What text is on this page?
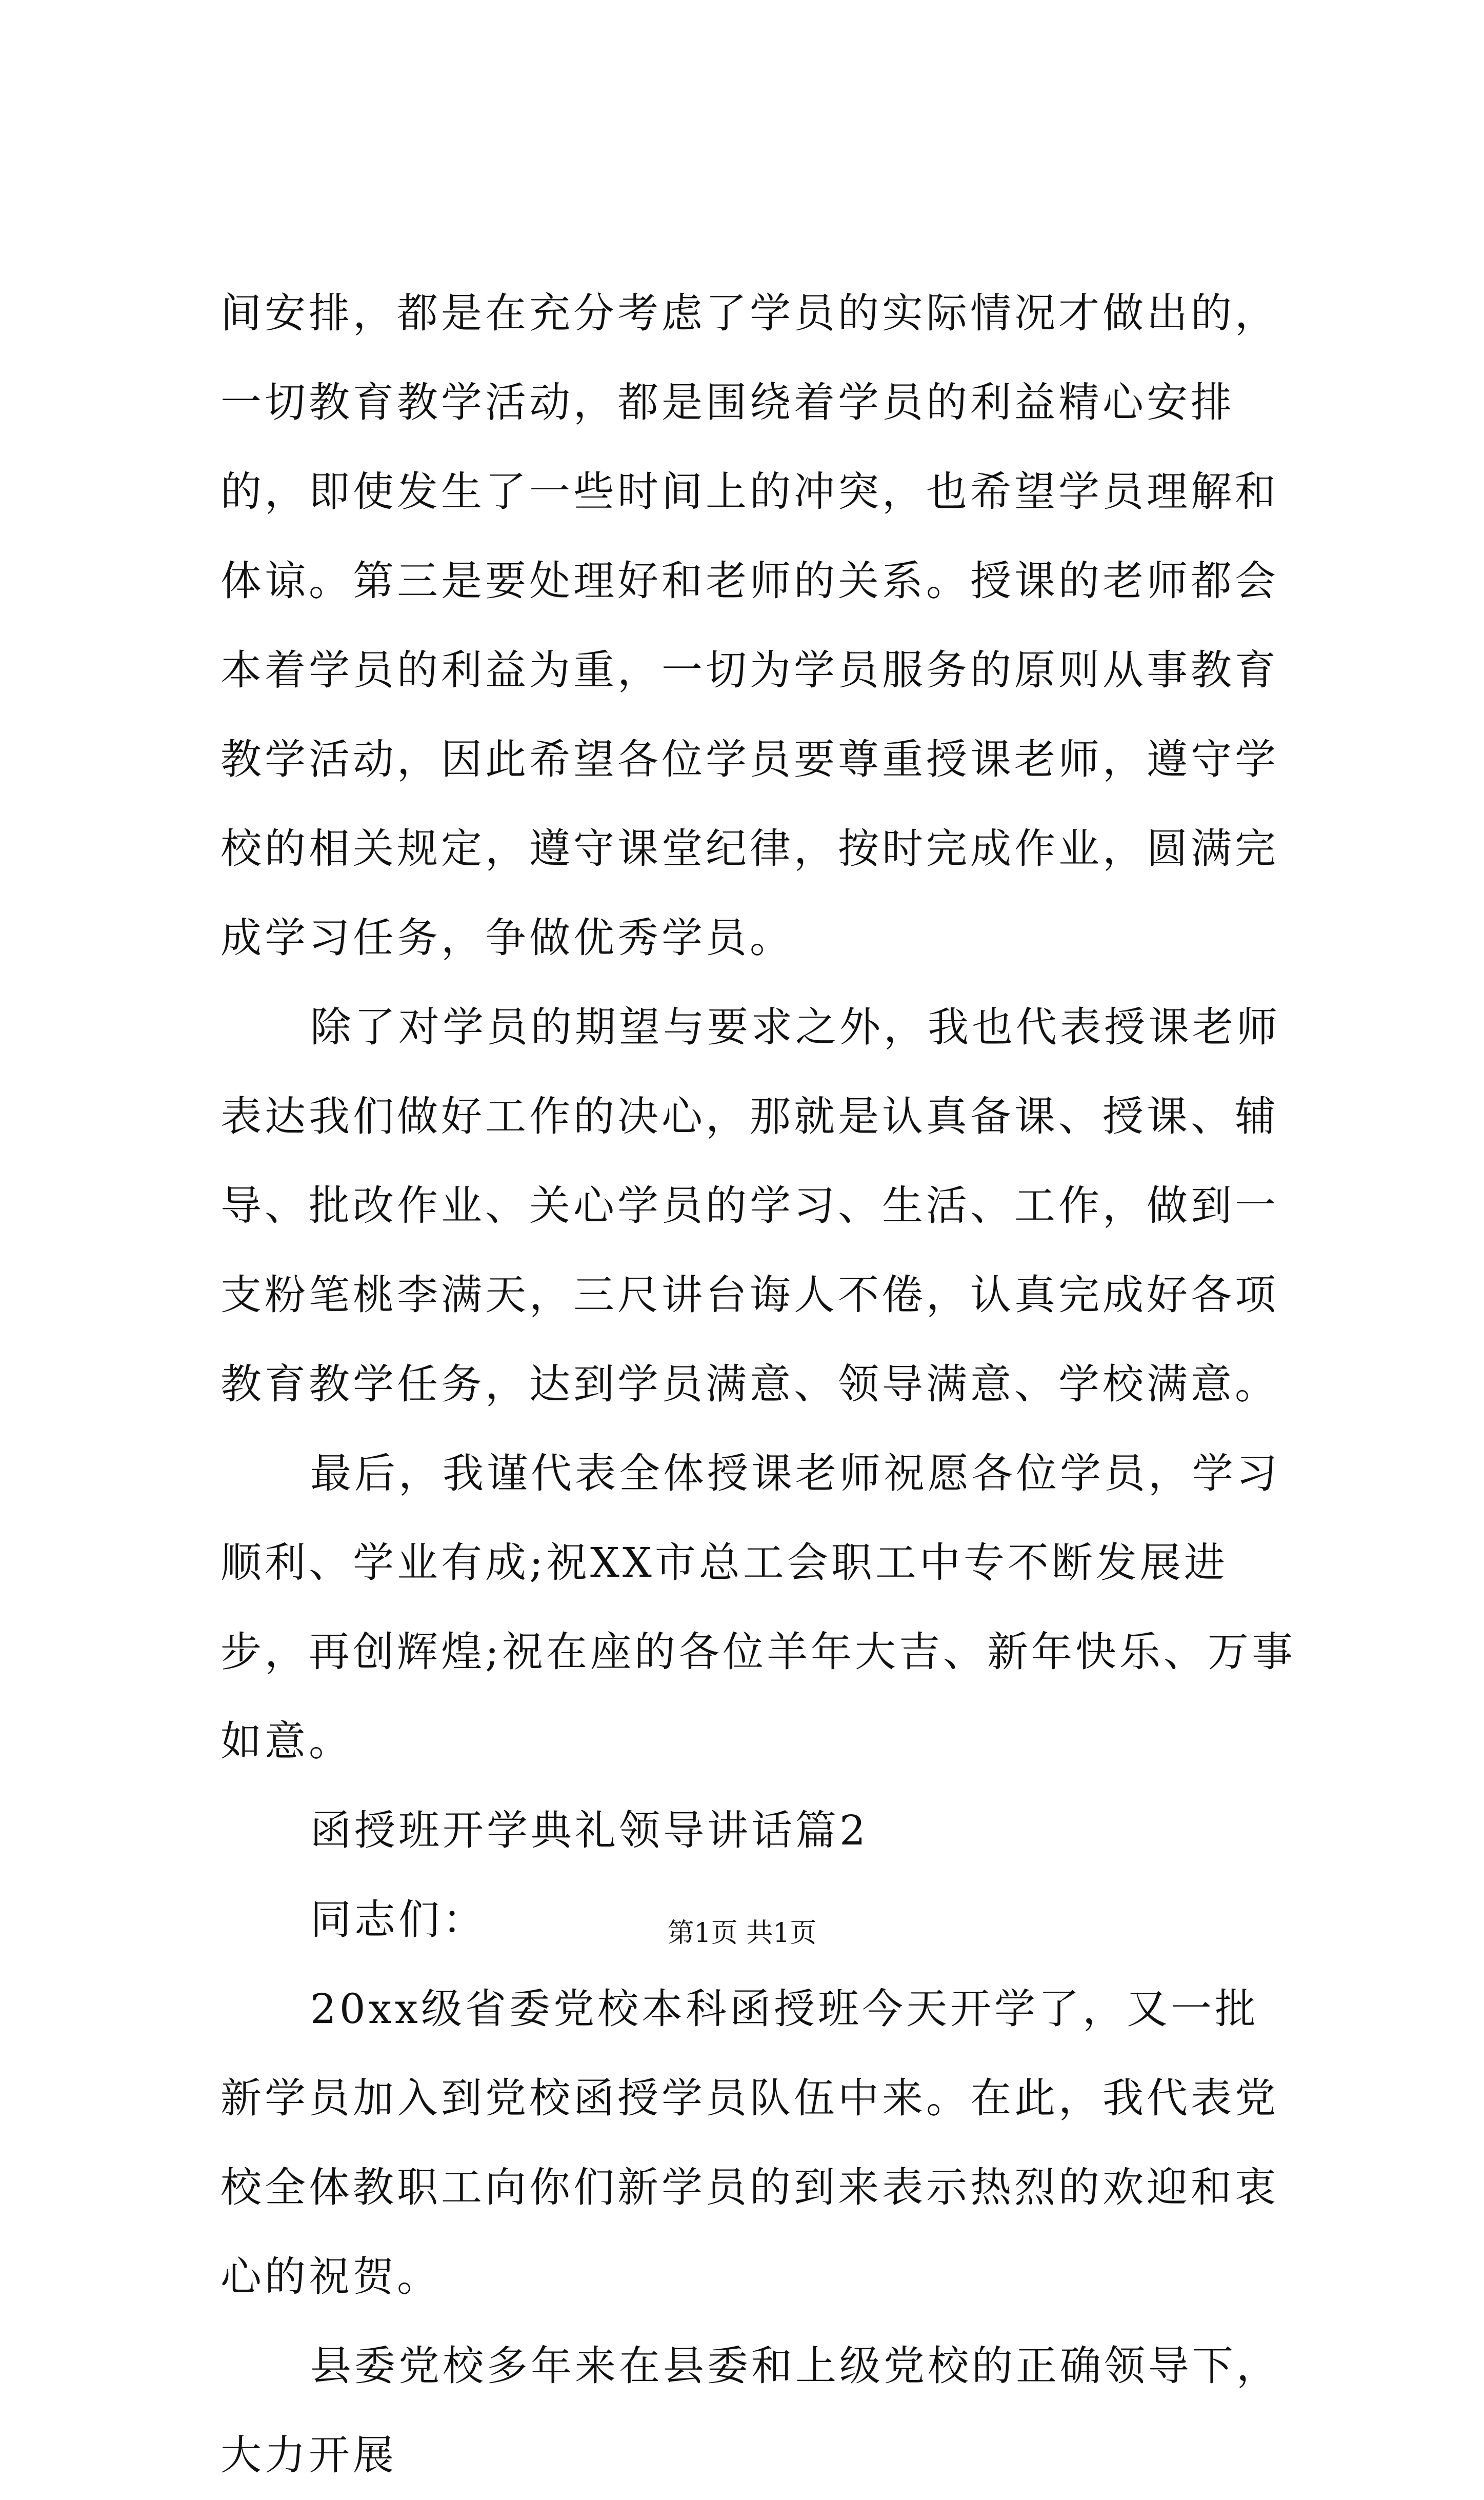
间安排，都是在充分考虑了学员的实际情况才做出的，一切教育教学活动，都是围绕着学员的利益精心安排的，即使发生了一些时间上的冲突，也希望学员理解和体谅。第三是要处理好和老师的关系。授课的老师都会本着学员的利益为重，一切为学员服务的原则从事教育教学活动，因此希望各位学员要尊重授课老师，遵守学校的相关规定，遵守课堂纪律，按时完成作业，圆满完成学习任务，争做优秀学员。

除了对学员的期望与要求之外，我也代表授课老师表达我们做好工作的决心，那就是认真备课、授课、辅导、批改作业、关心学员的学习、生活、工作，做到一支粉笔桃李满天，三尺讲台诲人不倦，认真完成好各项教育教学任务，达到学员满意、领导满意、学校满意。

最后，我谨代表全体授课老师祝愿各位学员，学习顺利、学业有成;祝XX市总工会职工中专不断发展进步，再创辉煌;祝在座的各位羊年大吉、新年快乐、万事如意。

函授班开学典礼领导讲话篇2

同志们：

20xx级省委党校本科函授班今天开学了，又一批新学员加入到党校函授学员队伍中来。在此，我代表党校全体教职工向你们新学员的到来表示热烈的欢迎和衷心的祝贺。

县委党校多年来在县委和上级党校的正确领导下，大力开展

第1页 共1页
